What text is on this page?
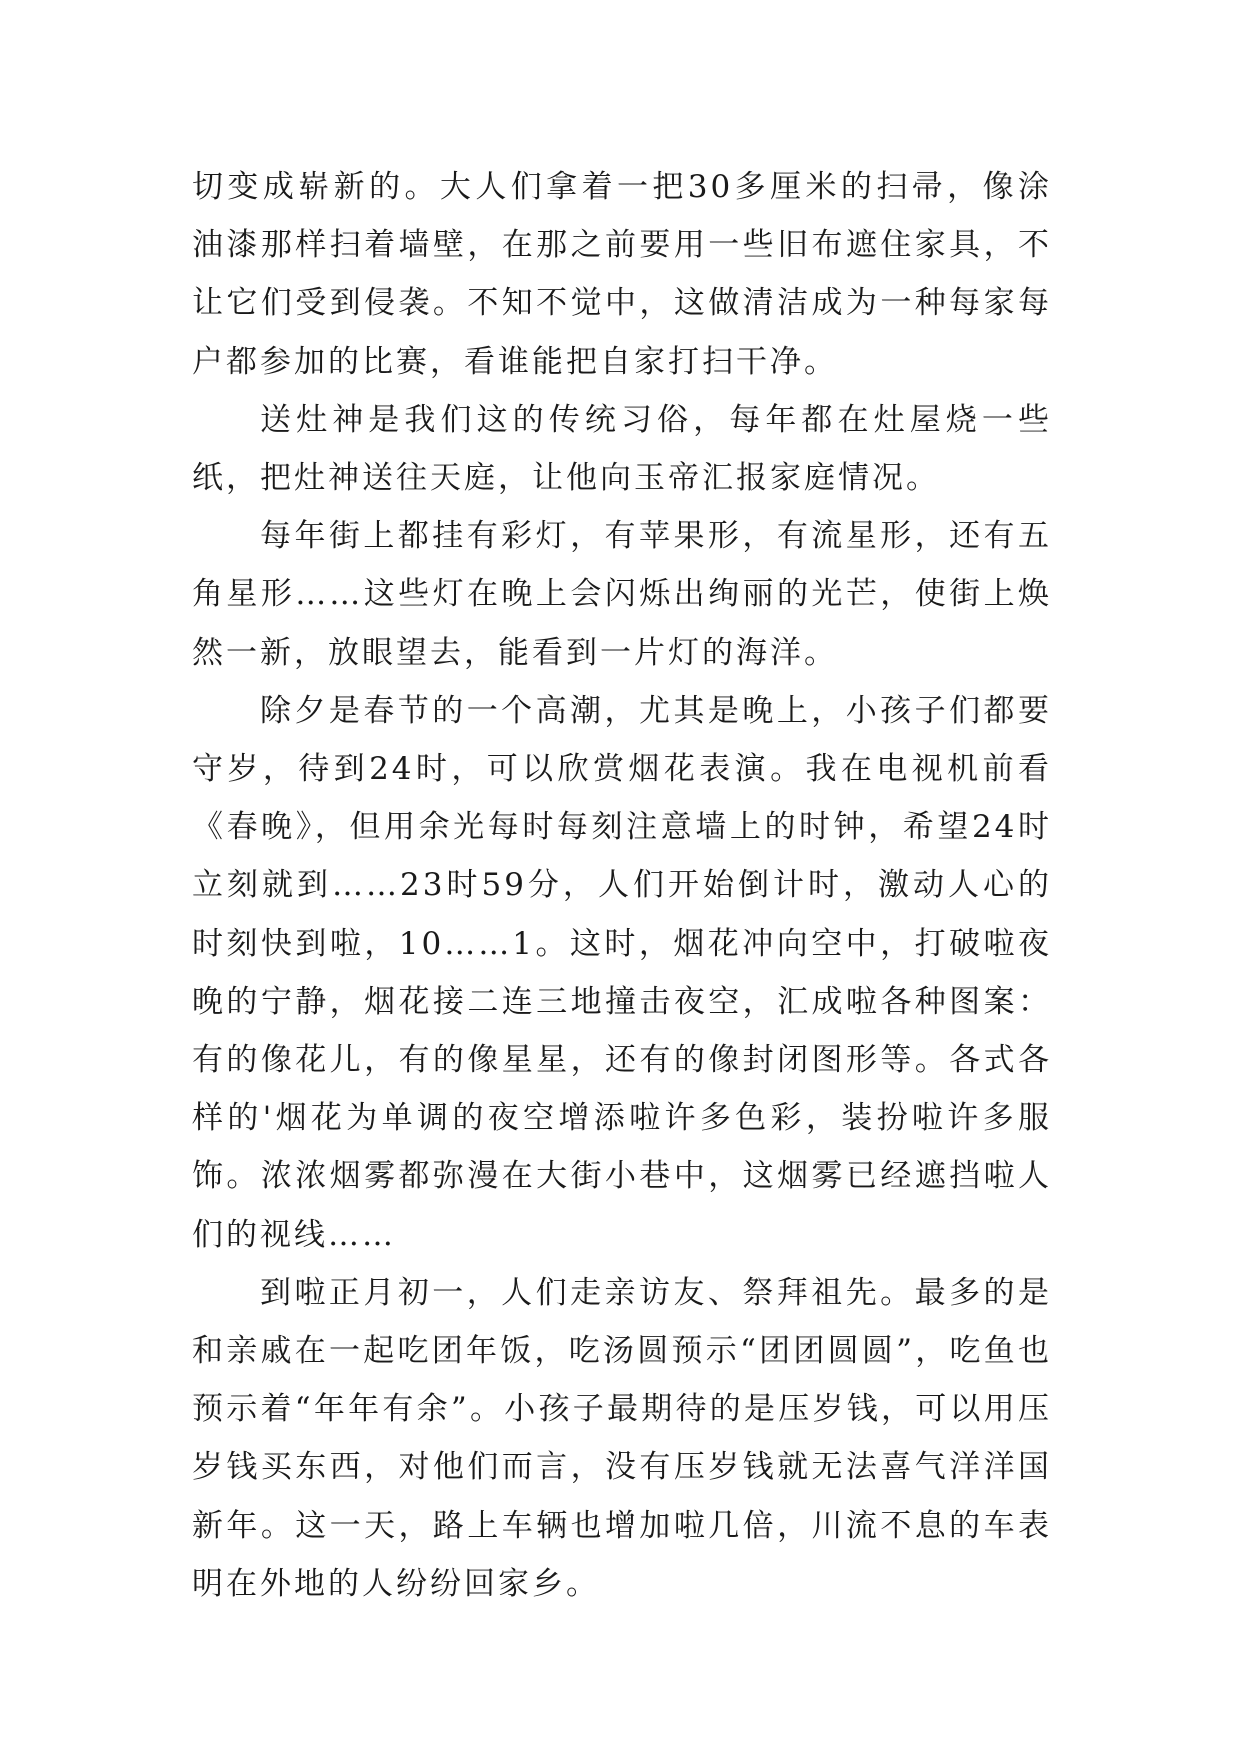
切变成崭新的。大人们拿着一把30多厘米的扫帚，像涂油漆那样扫着墙壁，在那之前要用一些旧布遮住家具，不让它们受到侵袭。不知不觉中，这做清洁成为一种每家每户都参加的比赛，看谁能把自家打扫干净。

送灶神是我们这的传统习俗，每年都在灶屋烧一些纸，把灶神送往天庭，让他向玉帝汇报家庭情况。

每年街上都挂有彩灯，有苹果形，有流星形，还有五角星形……这些灯在晚上会闪烁出绚丽的光芒，使街上焕然一新，放眼望去，能看到一片灯的海洋。

除夕是春节的一个高潮，尤其是晚上，小孩子们都要守岁，待到24时，可以欣赏烟花表演。我在电视机前看《春晚》，但用余光每时每刻注意墙上的时钟，希望24时立刻就到……23时59分，人们开始倒计时，激动人心的时刻快到啦，10……1。这时，烟花冲向空中，打破啦夜晚的宁静，烟花接二连三地撞击夜空，汇成啦各种图案：有的像花儿，有的像星星，还有的像封闭图形等。各式各样的'烟花为单调的夜空增添啦许多色彩，装扮啦许多服饰。浓浓烟雾都弥漫在大街小巷中，这烟雾已经遮挡啦人们的视线……

到啦正月初一，人们走亲访友、祭拜祖先。最多的是和亲戚在一起吃团年饭，吃汤圆预示“团团圆圆”，吃鱼也预示着“年年有余”。小孩子最期待的是压岁钱，可以用压岁钱买东西，对他们而言，没有压岁钱就无法喜气洋洋国新年。这一天，路上车辆也增加啦几倍，川流不息的车表明在外地的人纷纷回家乡。
